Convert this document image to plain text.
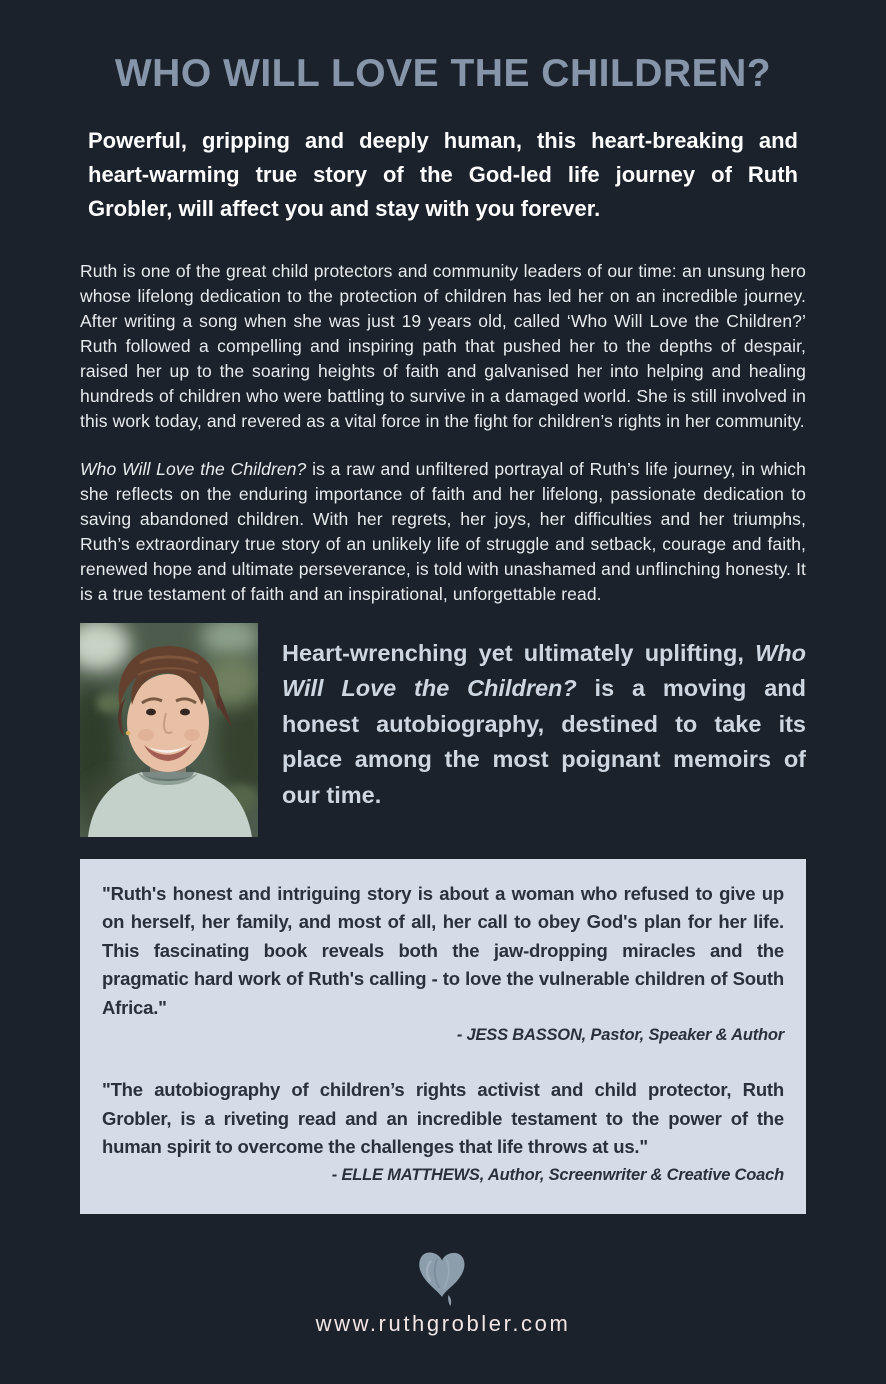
WHO WILL LOVE THE CHILDREN?

Powerful, gripping and deeply human, this heart-breaking and heart-warming true story of the God-led life journey of Ruth Grobler, will affect you and stay with you forever.

Ruth is one of the great child protectors and community leaders of our time: an unsung hero whose lifelong dedication to the protection of children has led her on an incredible journey. After writing a song when she was just 19 years old, called ‘Who Will Love the Children?’ Ruth followed a compelling and inspiring path that pushed her to the depths of despair, raised her up to the soaring heights of faith and galvanised her into helping and healing hundreds of children who were battling to survive in a damaged world. She is still involved in this work today, and revered as a vital force in the fight for children’s rights in her community.

Who Will Love the Children? is a raw and unfiltered portrayal of Ruth’s life journey, in which she reflects on the enduring importance of faith and her lifelong, passionate dedication to saving abandoned children. With her regrets, her joys, her difficulties and her triumphs, Ruth’s extraordinary true story of an unlikely life of struggle and setback, courage and faith, renewed hope and ultimate perseverance, is told with unashamed and unflinching honesty. It is a true testament of faith and an inspirational, unforgettable read.

Heart-wrenching yet ultimately uplifting, Who Will Love the Children? is a moving and honest autobiography, destined to take its place among the most poignant memoirs of our time.

"Ruth's honest and intriguing story is about a woman who refused to give up on herself, her family, and most of all, her call to obey God's plan for her life. This fascinating book reveals both the jaw-dropping miracles and the pragmatic hard work of Ruth's calling - to love the vulnerable children of South Africa."

- JESS BASSON, Pastor, Speaker & Author

"The autobiography of children’s rights activist and child protector, Ruth Grobler, is a riveting read and an incredible testament to the power of the human spirit to overcome the challenges that life throws at us."

- ELLE MATTHEWS, Author, Screenwriter & Creative Coach

www.ruthgrobler.com
